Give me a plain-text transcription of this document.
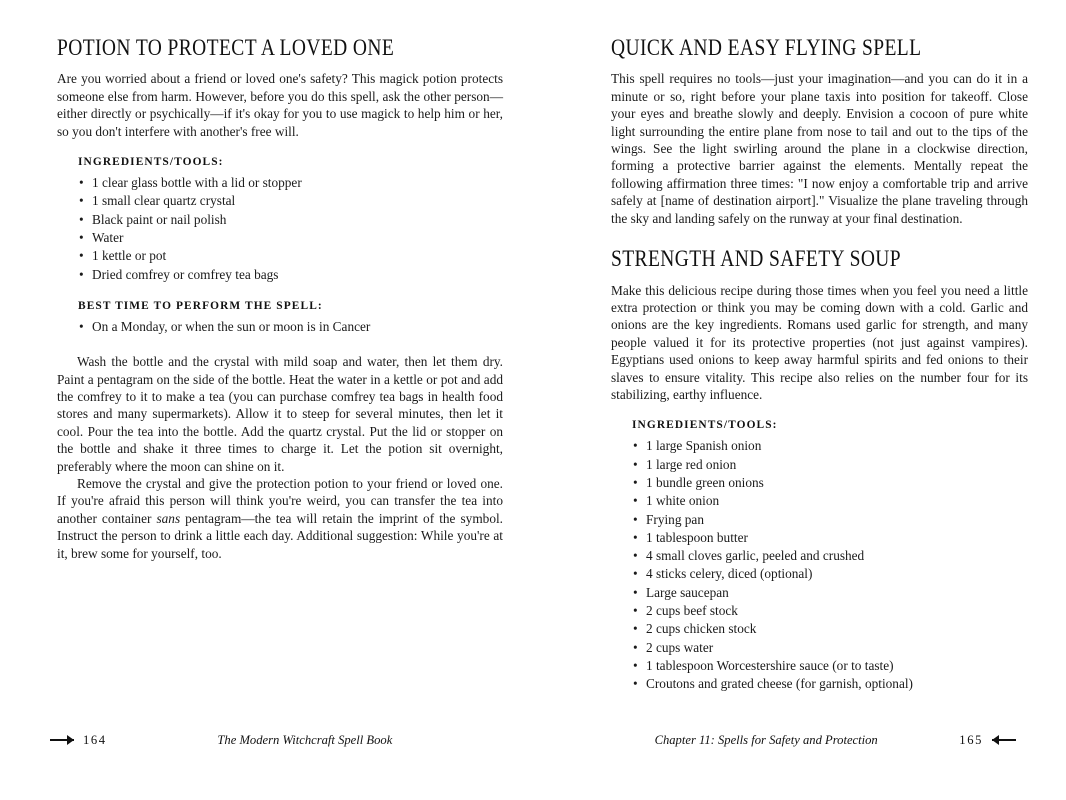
POTION TO PROTECT A LOVED ONE

Are you worried about a friend or loved one's safety? This magick potion protects someone else from harm. However, before you do this spell, ask the other person—either directly or psychically—if it's okay for you to use magick to help him or her, so you don't interfere with another's free will.

INGREDIENTS/TOOLS:
• 1 clear glass bottle with a lid or stopper
• 1 small clear quartz crystal
• Black paint or nail polish
• Water
• 1 kettle or pot
• Dried comfrey or comfrey tea bags
BEST TIME TO PERFORM THE SPELL:
• On a Monday, or when the sun or moon is in Cancer

Wash the bottle and the crystal with mild soap and water, then let them dry. Paint a pentagram on the side of the bottle. Heat the water in a kettle or pot and add the comfrey to it to make a tea (you can purchase comfrey tea bags in health food stores and many supermarkets). Allow it to steep for several minutes, then let it cool. Pour the tea into the bottle. Add the quartz crystal. Put the lid or stopper on the bottle and shake it three times to charge it. Let the potion sit overnight, preferably where the moon can shine on it.

Remove the crystal and give the protection potion to your friend or loved one. If you're afraid this person will think you're weird, you can transfer the tea into another container sans pentagram—the tea will retain the imprint of the symbol. Instruct the person to drink a little each day. Additional suggestion: While you're at it, brew some for yourself, too.

164	The Modern Witchcraft Spell Book
QUICK AND EASY FLYING SPELL

This spell requires no tools—just your imagination—and you can do it in a minute or so, right before your plane taxis into position for takeoff. Close your eyes and breathe slowly and deeply. Envision a cocoon of pure white light surrounding the entire plane from nose to tail and out to the tips of the wings. See the light swirling around the plane in a clockwise direction, forming a protective barrier against the elements. Mentally repeat the following affirmation three times: "I now enjoy a comfortable trip and arrive safely at [name of destination airport]." Visualize the plane traveling through the sky and landing safely on the runway at your final destination.

STRENGTH AND SAFETY SOUP

Make this delicious recipe during those times when you feel you need a little extra protection or think you may be coming down with a cold. Garlic and onions are the key ingredients. Romans used garlic for strength, and many people valued it for its protective properties (not just against vampires). Egyptians used onions to keep away harmful spirits and fed onions to their slaves to ensure vitality. This recipe also relies on the number four for its stabilizing, earthy influence.

INGREDIENTS/TOOLS:
• 1 large Spanish onion
• 1 large red onion
• 1 bundle green onions
• 1 white onion
• Frying pan
• 1 tablespoon butter
• 4 small cloves garlic, peeled and crushed
• 4 sticks celery, diced (optional)
• Large saucepan
• 2 cups beef stock
• 2 cups chicken stock
• 2 cups water
• 1 tablespoon Worcestershire sauce (or to taste)
• Croutons and grated cheese (for garnish, optional)
Chapter 11: Spells for Safety and Protection	165
